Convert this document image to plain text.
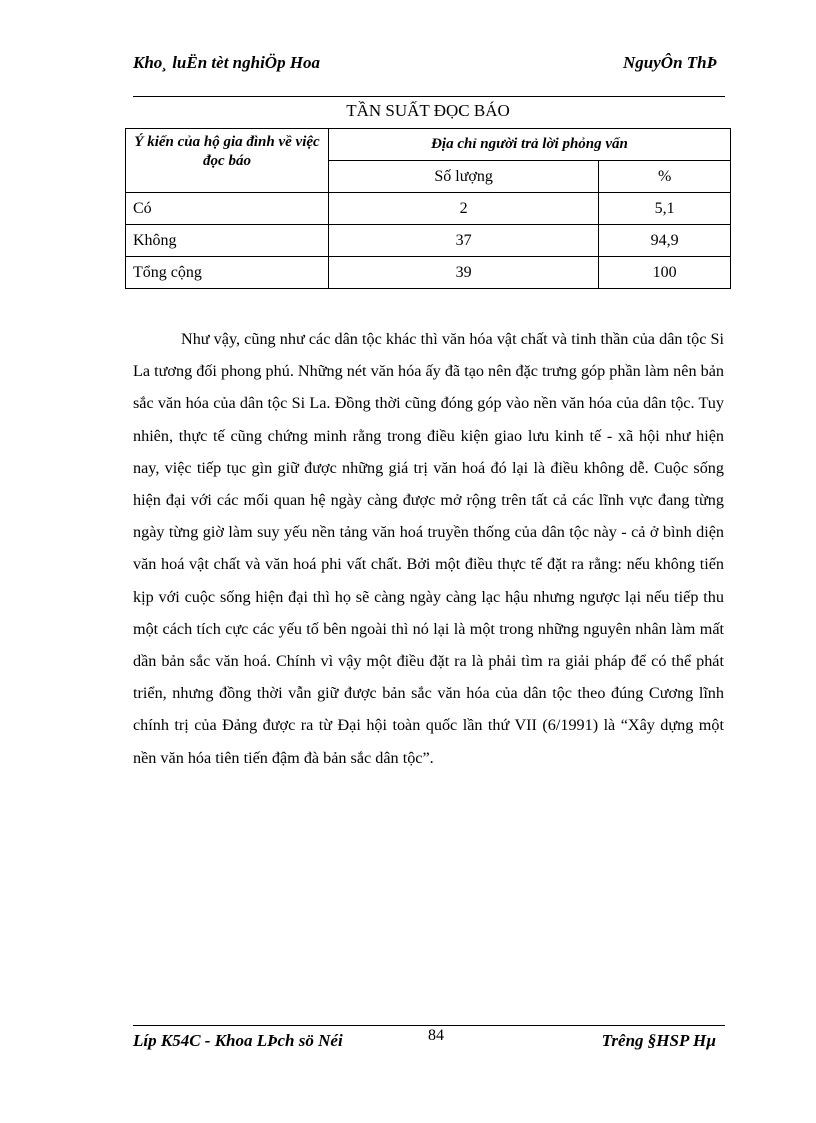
Kho¸ luËn tèt nghiÖp Hoa	NguyÔn ThÞ
TẦN SUẤT ĐỌC BÁO
Ý kiến của hộ gia đình về việc đọc báo	Địa chỉ người trả lời phỏng vấn	
	Số lượng	%
Có	2	5,1
Không	37	94,9
Tổng cộng	39	100

Như vậy, cũng như các dân tộc khác thì văn hóa vật chất và tinh thần của dân tộc Si La tương đối phong phú. Những nét văn hóa ấy đã tạo nên đặc trưng góp phần làm nên bản sắc văn hóa của dân tộc Si La. Đồng thời cũng đóng góp vào nền văn hóa của dân tộc. Tuy nhiên, thực tế cũng chứng minh rằng trong điều kiện giao lưu kinh tế - xã hội như hiện nay, việc tiếp tục gìn giữ được những giá trị văn hoá đó lại là điều không dễ. Cuộc sống hiện đại với các mối quan hệ ngày càng được mở rộng trên tất cả các lĩnh vực đang từng ngày từng giờ làm suy yếu nền tảng văn hoá truyền thống của dân tộc này - cả ở bình diện văn hoá vật chất và văn hoá phi vất chất. Bởi một điều thực tế đặt ra rằng: nếu không tiến kịp với cuộc sống hiện đại thì họ sẽ càng ngày càng lạc hậu nhưng ngược lại nếu tiếp thu một cách tích cực các yếu tố bên ngoài thì nó lại là một trong những nguyên nhân làm mất dần bản sắc văn hoá. Chính vì vậy một điều đặt ra là phải tìm ra giải pháp để có thể phát triển, nhưng đồng thời vẫn giữ được bản sắc văn hóa của dân tộc theo đúng Cương lĩnh chính trị của Đảng được ra từ Đại hội toàn quốc lần thứ VII (6/1991) là “Xây dựng một nền văn hóa tiên tiến đậm đà bản sắc dân tộc”.

Líp K54C - Khoa LÞch sö Néi	84	Trêng §HSP Hµ
